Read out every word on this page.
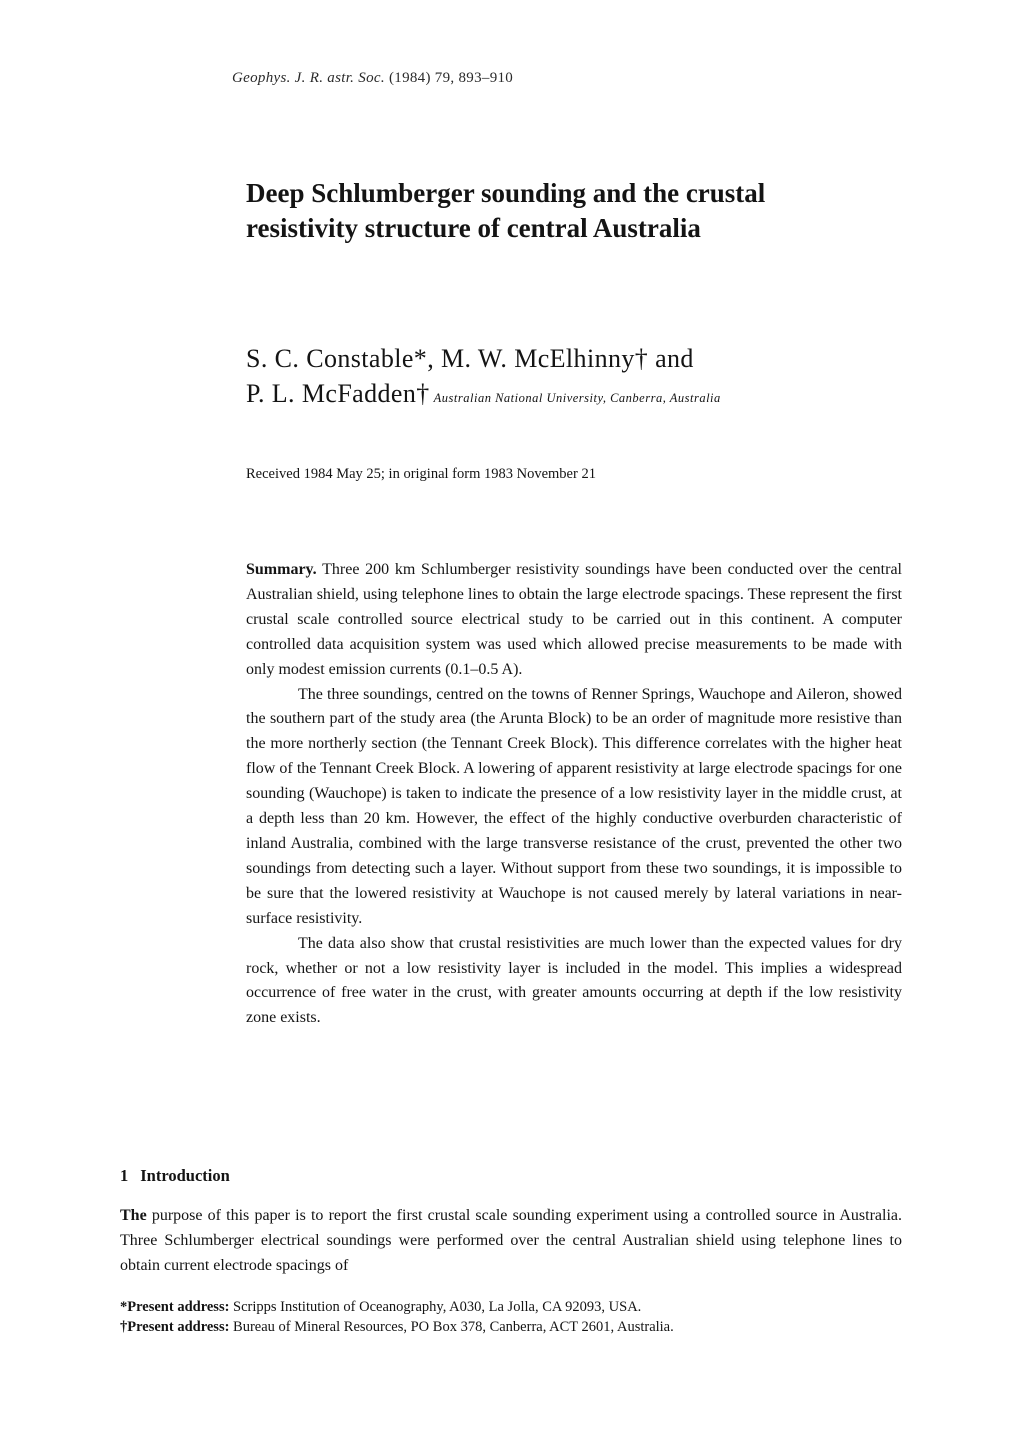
Geophys. J. R. astr. Soc. (1984) 79, 893–910
Deep Schlumberger sounding and the crustal
resistivity structure of central Australia
S. C. Constable*, M. W. McElhinny† and
P. L. McFadden† Australian National University, Canberra, Australia
Received 1984 May 25; in original form 1983 November 21

Summary. Three 200 km Schlumberger resistivity soundings have been conducted over the central Australian shield, using telephone lines to obtain the large electrode spacings. These represent the first crustal scale controlled source electrical study to be carried out in this continent. A computer controlled data acquisition system was used which allowed precise measurements to be made with only modest emission currents (0.1–0.5 A).

The three soundings, centred on the towns of Renner Springs, Wauchope and Aileron, showed the southern part of the study area (the Arunta Block) to be an order of magnitude more resistive than the more northerly section (the Tennant Creek Block). This difference correlates with the higher heat flow of the Tennant Creek Block. A lowering of apparent resistivity at large electrode spacings for one sounding (Wauchope) is taken to indicate the presence of a low resistivity layer in the middle crust, at a depth less than 20 km. However, the effect of the highly conductive overburden characteristic of inland Australia, combined with the large transverse resistance of the crust, prevented the other two soundings from detecting such a layer. Without support from these two soundings, it is impossible to be sure that the lowered resistivity at Wauchope is not caused merely by lateral variations in near-surface resistivity.

The data also show that crustal resistivities are much lower than the expected values for dry rock, whether or not a low resistivity layer is included in the model. This implies a widespread occurrence of free water in the crust, with greater amounts occurring at depth if the low resistivity zone exists.

1 Introduction

The purpose of this paper is to report the first crustal scale sounding experiment using a controlled source in Australia. Three Schlumberger electrical soundings were performed over the central Australian shield using telephone lines to obtain current electrode spacings of

*Present address: Scripps Institution of Oceanography, A030, La Jolla, CA 92093, USA.
†Present address: Bureau of Mineral Resources, PO Box 378, Canberra, ACT 2601, Australia.
